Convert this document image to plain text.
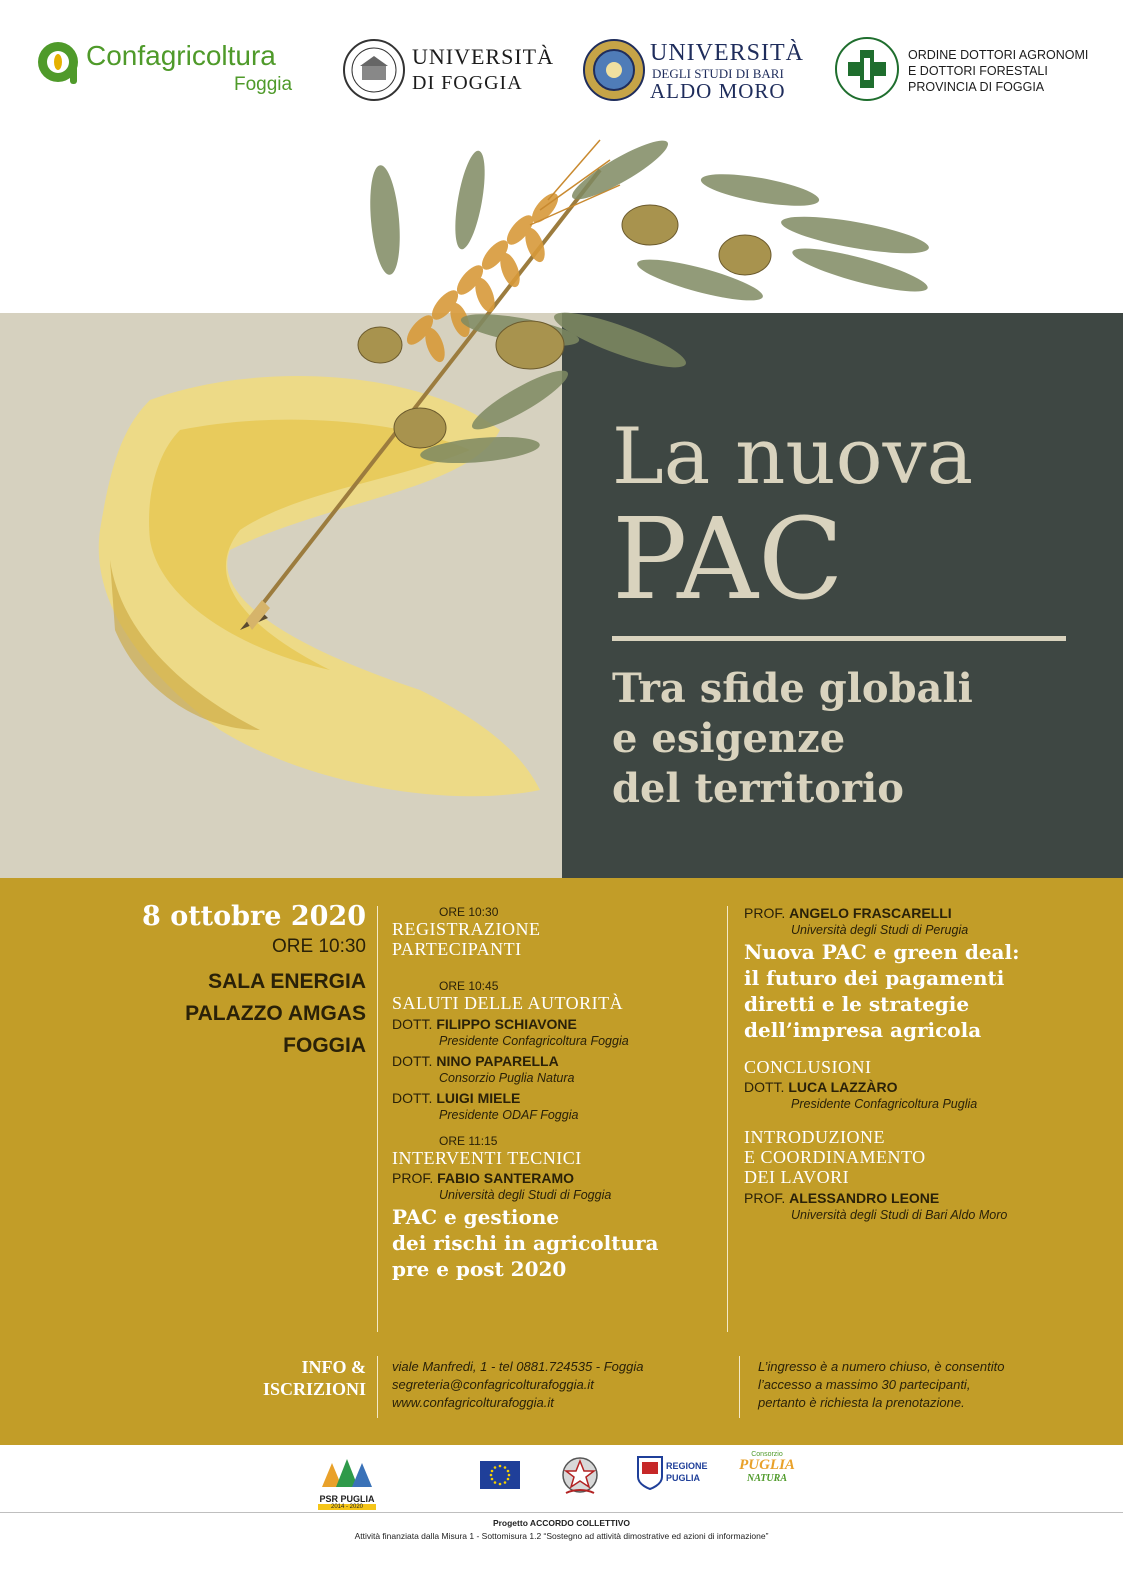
Confagricoltura
Foggia
UNIVERSITÀ
DI FOGGIA
UNIVERSITÀ
DEGLI STUDI DI BARI
ALDO MORO
ORDINE DOTTORI AGRONOMI
E DOTTORI FORESTALI
PROVINCIA DI FOGGIA
La nuova
PAC
Tra sfide globali
e esigenze
del territorio
8 ottobre 2020
ORE 10:30
SALA ENERGIA
PALAZZO AMGAS
FOGGIA
ORE 10:30
REGISTRAZIONE PARTECIPANTI
ORE 10:45
SALUTI DELLE AUTORITÀ
DOTT. FILIPPO SCHIAVONE
Presidente Confagricoltura Foggia
DOTT. NINO PAPARELLA
Consorzio Puglia Natura
DOTT. LUIGI MIELE
Presidente ODAF Foggia
ORE 11:15
INTERVENTI TECNICI
PROF. FABIO SANTERAMO
Università degli Studi di Foggia
PAC e gestione
dei rischi in agricoltura
pre e post 2020
PROF. ANGELO FRASCARELLI
Università degli Studi di Perugia
Nuova PAC e green deal:
il futuro dei pagamenti
diretti e le strategie
dell’impresa agricola
CONCLUSIONI
DOTT. LUCA LAZZÀRO
Presidente Confagricoltura Puglia
INTRODUZIONE
E COORDINAMENTO
DEI LAVORI
PROF. ALESSANDRO LEONE
Università degli Studi di Bari Aldo Moro
INFO &
ISCRIZIONI
viale Manfredi, 1 - tel 0881.724535 - Foggia
segreteria@confagricolturafoggia.it
www.confagricolturafoggia.it
L’ingresso è a numero chiuso, è consentito
l’accesso a massimo 30 partecipanti,
pertanto è richiesta la prenotazione.
PSR PUGLIA
2014 - 2020
REGIONE
PUGLIA
Consorzio
PUGLIA
NATURA
Progetto ACCORDO COLLETTIVO
Attività finanziata dalla Misura 1 - Sottomisura 1.2 “Sostegno ad attività dimostrative ed azioni di informazione”
